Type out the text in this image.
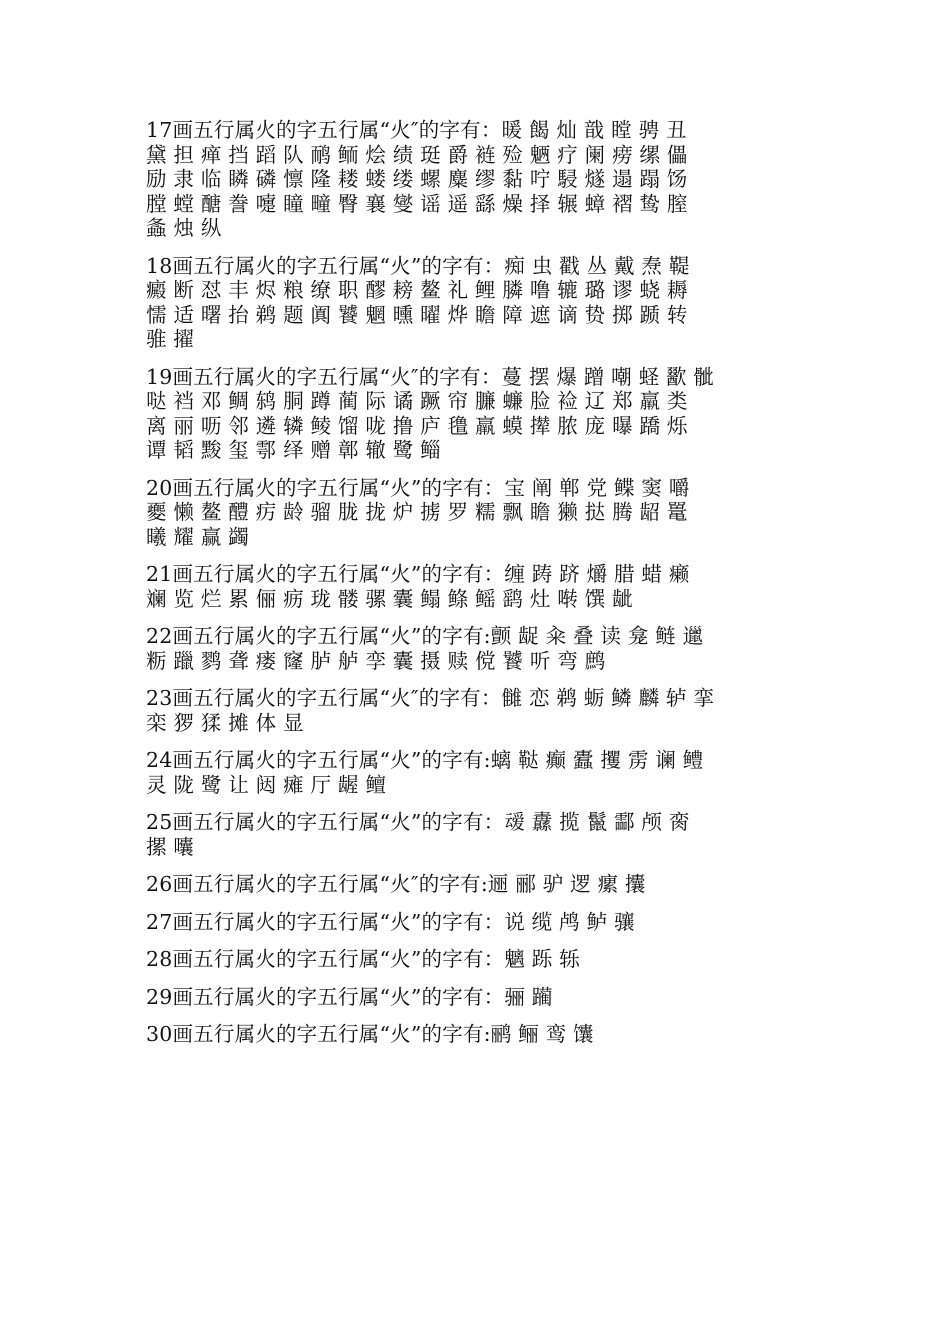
17画五行属火的字五行属“火″的字有：暖 餲 灿 戠 瞠 骋 丑
黛 担 瘅 挡 蹈 队 鸸 鲕 烩 绩 珽 爵 裢 殓 魉 疗 阑 痨 缧 儡
励 隶 临 瞵 磷 懔 隆 耧 蝼 缕 螺 麋 缪 黏 咛 駸 燧 遢 蹋 饧
膛 螳 醣 誊 嚏 瞳 疃 臀 襄 燮 谣 遥 繇 燥 择 辗 蟑 褶 鸷 膣
螽 烛 纵
18画五行属火的字五行属“火”的字有：痴 虫 戳 丛 戴 焘 鞮
癜 断 怼 丰 烬 粮 缭 职 醪 耪 鳌 礼 鲤 膦 噜 辘 璐 谬 蛲 耨
懦 适 曙 抬 鹈 题 阗 饕 魍 曛 曜 烨 瞻 障 遮 谪 贽 掷 踬 转
骓 擢
19画五行属火的字五行属“火″的字有：蔓 摆 爆 蹭 嘲 蛏 歠 骴
哒 裆 邓 鲷 鸫 胴 蹲 蔺 际 谲 蹶 帘 臁 蠊 脸 裣 辽 郑 羸 类
离 丽 呖 邻 遴 辚 鲮 馏 咙 撸 庐 氇 羸 蟆 撵 脓 庞 曝 蹻 烁
谭 韬 黢 玺 鄠 绎 赠 鄣 辙 鹭 鲻
20画五行属火的字五行属“火”的字有：宝 阐 郸 党 鲽 窦 嚼
夒 懒 鳌 醴 疠 龄 骝 胧 拢 炉 掳 罗 糯 飘 瞻 獭 挞 腾 龆 鼍
曦 耀 赢 蠲
21画五行属火的字五行属“火”的字有：缠 踌 跻 爝 腊 蜡 癞
斓 览 烂 累 俪 疬 珑 髅 骡 囊 鳎 鲦 鳐 鹞 灶 啭 馔 龇
22画五行属火的字五行属“火”的字有:颤 龊 籴 叠 读 龛 鲢 邋
粝 躐 鹨 聋 瘘 窿 胪 舻 孪 囊 摄 赎 傥 饕 听 弯 鹧
23画五行属火的字五行属“火″的字有：雠 恋 鹈 蛎 鳞 麟 轳 挛
栾 猡 猱 摊 体 显
24画五行属火的字五行属“火”的字有:螭 鞑 癫 蠹 攫 雳 谰 鳢
灵 陇 鹭 让 闼 瘫 厅 龌 鳣
25画五行属火的字五行属“火”的字有：叆 纛 揽 鬣 酃 颅 脔
摞 囔
26画五行属火的字五行属“火″的字有:逦 郦 驴 逻 瘰 攮
27画五行属火的字五行属“火”的字有：说 缆 鸬 鲈 骧
28画五行属火的字五行属“火”的字有：魑 跞 轹
29画五行属火的字五行属“火”的字有：骊 躏
30画五行属火的字五行属“火”的字有:鹂 鲡 鸾 馕
